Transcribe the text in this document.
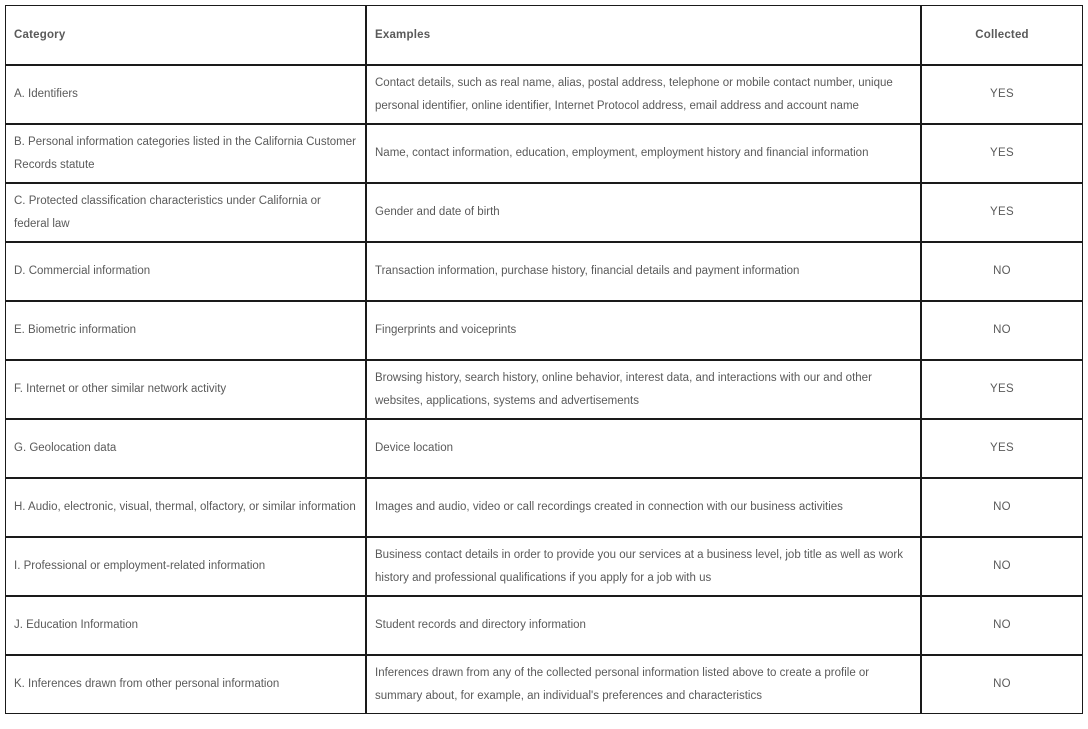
Category	Examples	Collected
A. Identifiers	Contact details, such as real name, alias, postal address, telephone or mobile contact number, unique personal identifier, online identifier, Internet Protocol address, email address and account name	YES
B. Personal information categories listed in the California Customer Records statute	Name, contact information, education, employment, employment history and financial information	YES
C. Protected classification characteristics under California or federal law	Gender and date of birth	YES
D. Commercial information	Transaction information, purchase history, financial details and payment information	NO
E. Biometric information	Fingerprints and voiceprints	NO
F. Internet or other similar network activity	Browsing history, search history, online behavior, interest data, and interactions with our and other websites, applications, systems and advertisements	YES
G. Geolocation data	Device location	YES
H. Audio, electronic, visual, thermal, olfactory, or similar information	Images and audio, video or call recordings created in connection with our business activities	NO
I. Professional or employment-related information	Business contact details in order to provide you our services at a business level, job title as well as work history and professional qualifications if you apply for a job with us	NO
J. Education Information	Student records and directory information	NO
K. Inferences drawn from other personal information	Inferences drawn from any of the collected personal information listed above to create a profile or summary about, for example, an individual's preferences and characteristics	NO
